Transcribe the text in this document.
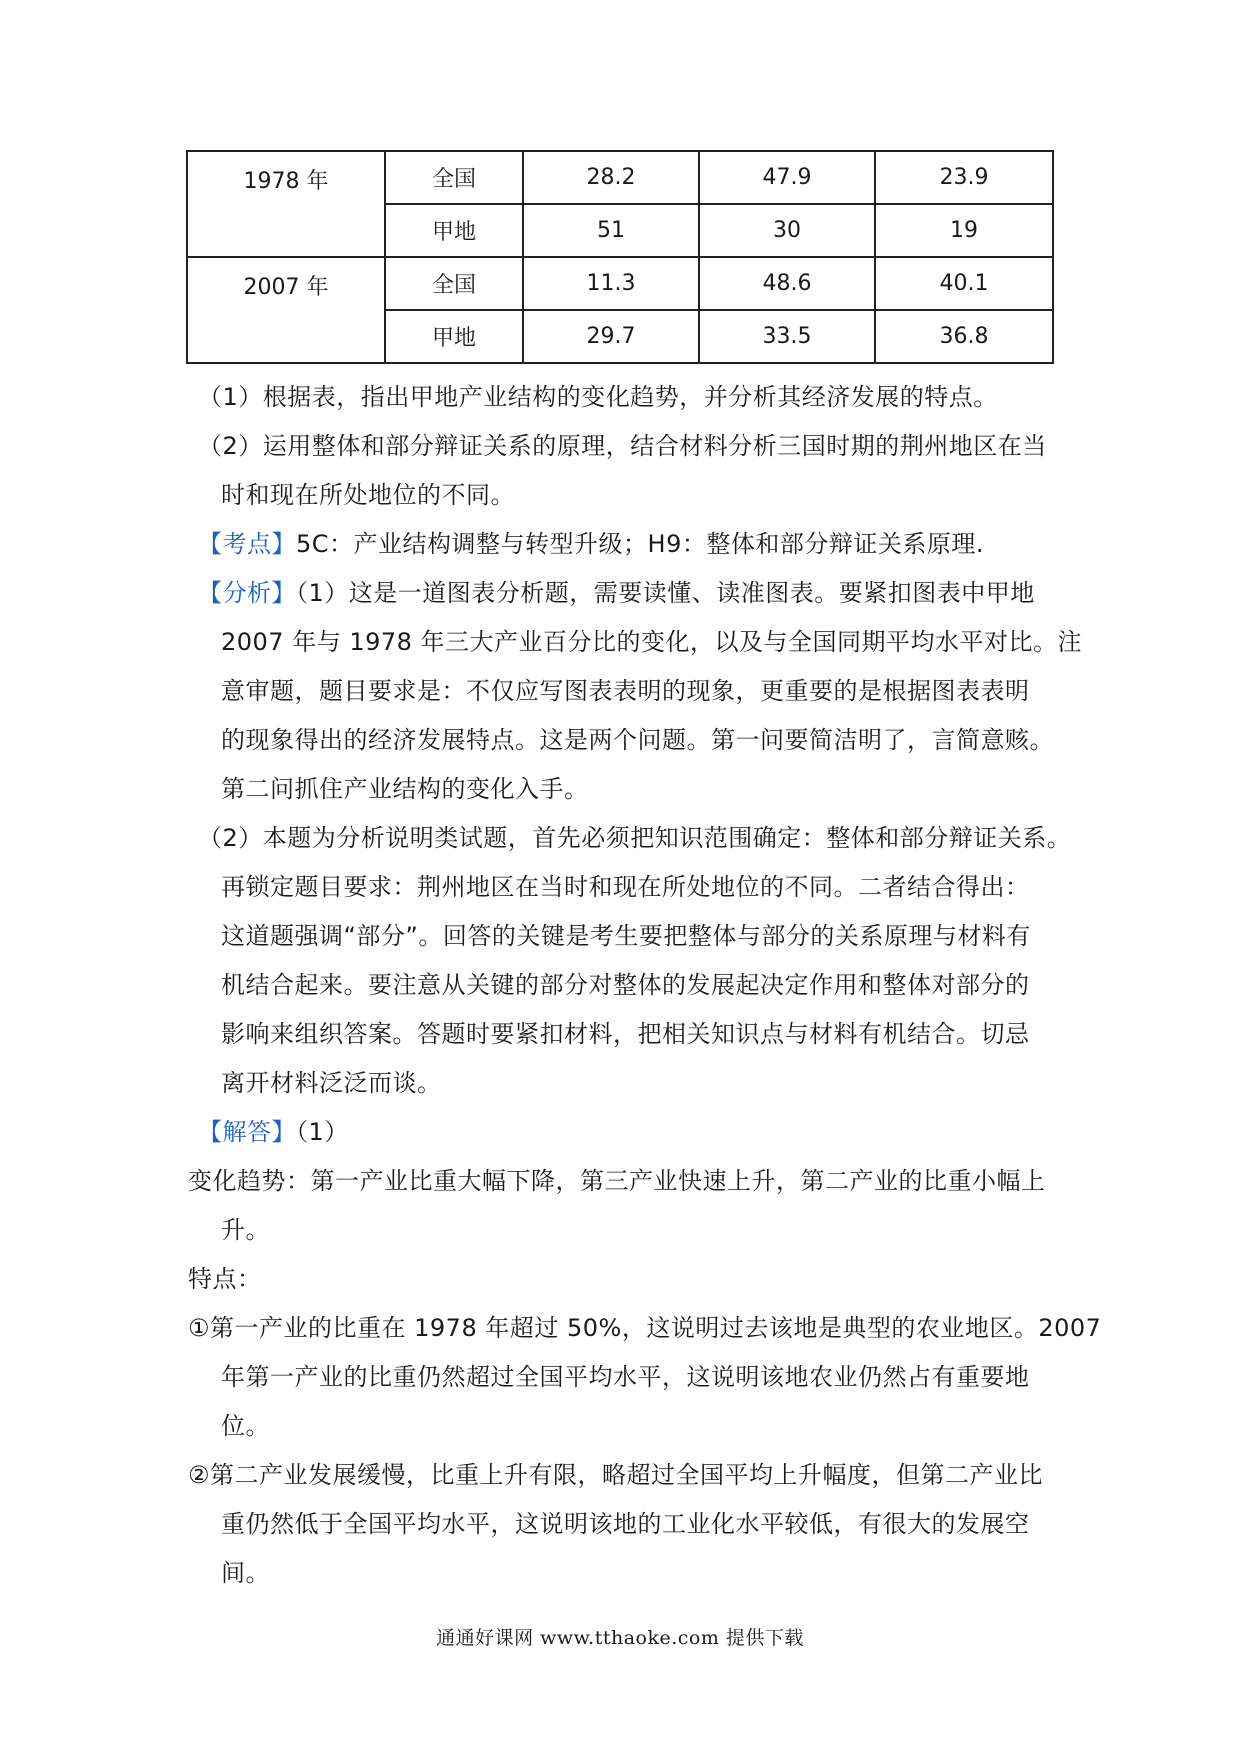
1978 年	全国	28.2	47.9	23.9
	甲地	51	30	19
2007 年	全国	11.3	48.6	40.1
	甲地	29.7	33.5	36.8
（1）根据表，指出甲地产业结构的变化趋势，并分析其经济发展的特点。
（2）运用整体和部分辩证关系的原理，结合材料分析三国时期的荆州地区在当
时和现在所处地位的不同。
【考点】5C：产业结构调整与转型升级；H9：整体和部分辩证关系原理.
【分析】（1）这是一道图表分析题，需要读懂、读准图表。要紧扣图表中甲地
2007 年与 1978 年三大产业百分比的变化，以及与全国同期平均水平对比。注
意审题，题目要求是：不仅应写图表表明的现象，更重要的是根据图表表明
的现象得出的经济发展特点。这是两个问题。第一问要简洁明了，言简意赅。
第二问抓住产业结构的变化入手。
（2）本题为分析说明类试题，首先必须把知识范围确定：整体和部分辩证关系。
再锁定题目要求：荆州地区在当时和现在所处地位的不同。二者结合得出：
这道题强调“部分”。回答的关键是考生要把整体与部分的关系原理与材料有
机结合起来。要注意从关键的部分对整体的发展起决定作用和整体对部分的
影响来组织答案。答题时要紧扣材料，把相关知识点与材料有机结合。切忌
离开材料泛泛而谈。
【解答】（1）
变化趋势：第一产业比重大幅下降，第三产业快速上升，第二产业的比重小幅上
升。
特点：
①第一产业的比重在 1978 年超过 50%，这说明过去该地是典型的农业地区。2007
年第一产业的比重仍然超过全国平均水平，这说明该地农业仍然占有重要地
位。
②第二产业发展缓慢，比重上升有限，略超过全国平均上升幅度，但第二产业比
重仍然低于全国平均水平，这说明该地的工业化水平较低，有很大的发展空
间。
通通好课网 www.tthaoke.com 提供下载
